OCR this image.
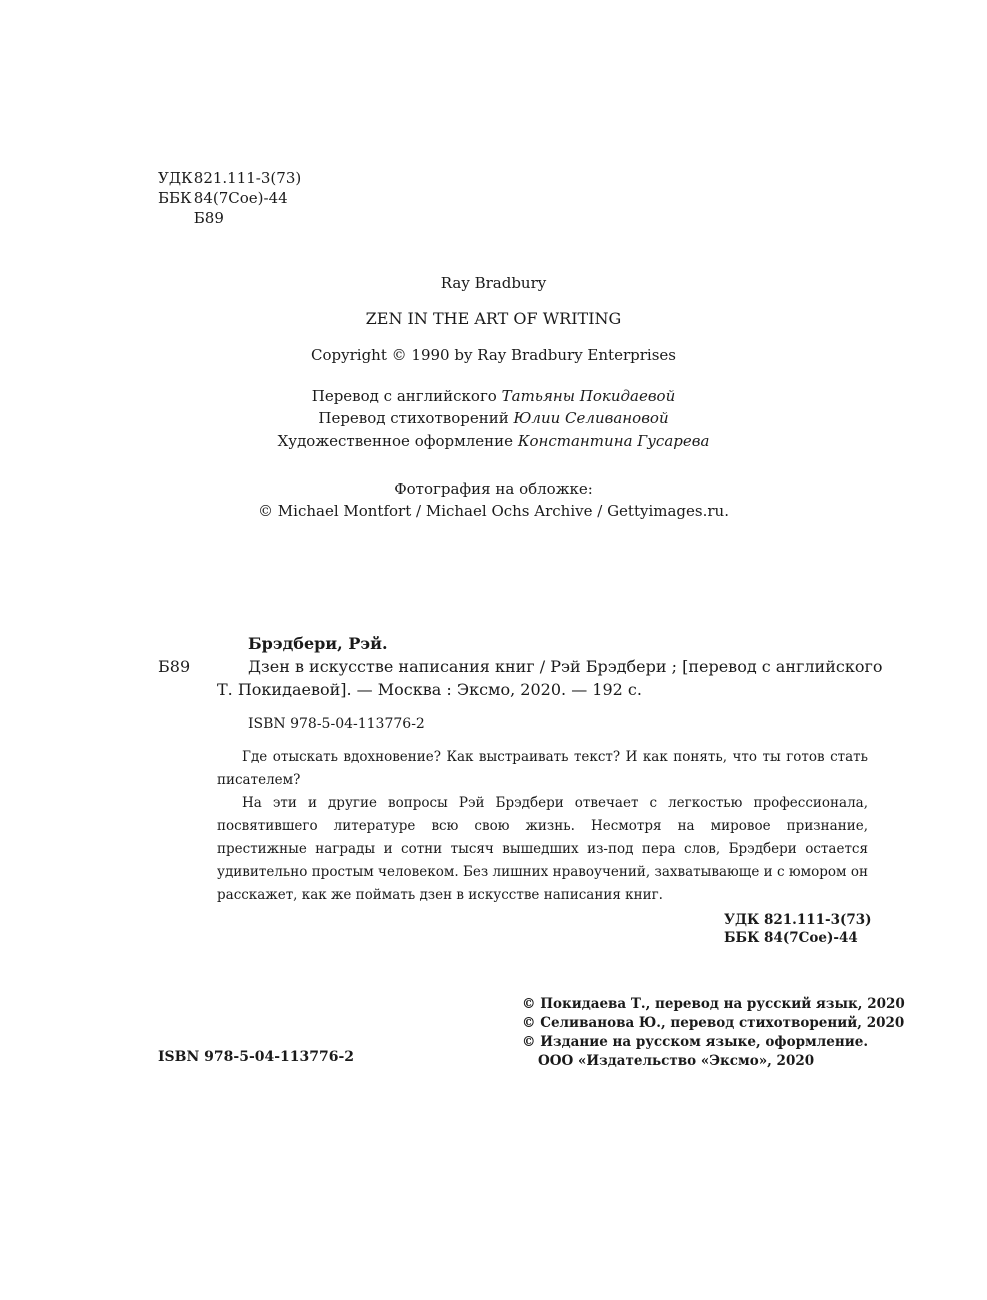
УДК 821.111-3(73)
ББК 84(7Сое)-44
Б89
Ray Bradbury
ZEN IN THE ART OF WRITING
Copyright © 1990 by Ray Bradbury Enterprises
Перевод с английского Татьяны Покидаевой
Перевод стихотворений Юлии Селивановой
Художественное оформление Константина Гусарева
Фотография на обложке:
© Michael Montfort / Michael Ochs Archive / Gettyimages.ru.
Брэдбери, Рэй.
Б89	Дзен в искусстве написания книг / Рэй Брэдбери ; [перевод с английского
Т. Покидаевой]. — Москва : Эксмо, 2020. — 192 с.
ISBN 978-5-04-113776-2

Где отыскать вдохновение? Как выстраивать текст? И как понять, что ты готов стать писателем?

На эти и другие вопросы Рэй Брэдбери отвечает с легкостью профессионала, посвятившего литературе всю свою жизнь. Несмотря на мировое признание, престижные награды и сотни тысяч вышедших из-под пера слов, Брэдбери остается удивительно простым человеком. Без лишних нравоучений, захватывающе и с юмором он расскажет, как же поймать дзен в искусстве написания книг.

УДК 821.111-3(73)
ББК 84(7Сое)-44
© Покидаева Т., перевод на русский язык, 2020
© Селиванова Ю., перевод стихотворений, 2020
© Издание на русском языке, оформление.
ООО «Издательство «Эксмо», 2020
ISBN 978-5-04-113776-2
